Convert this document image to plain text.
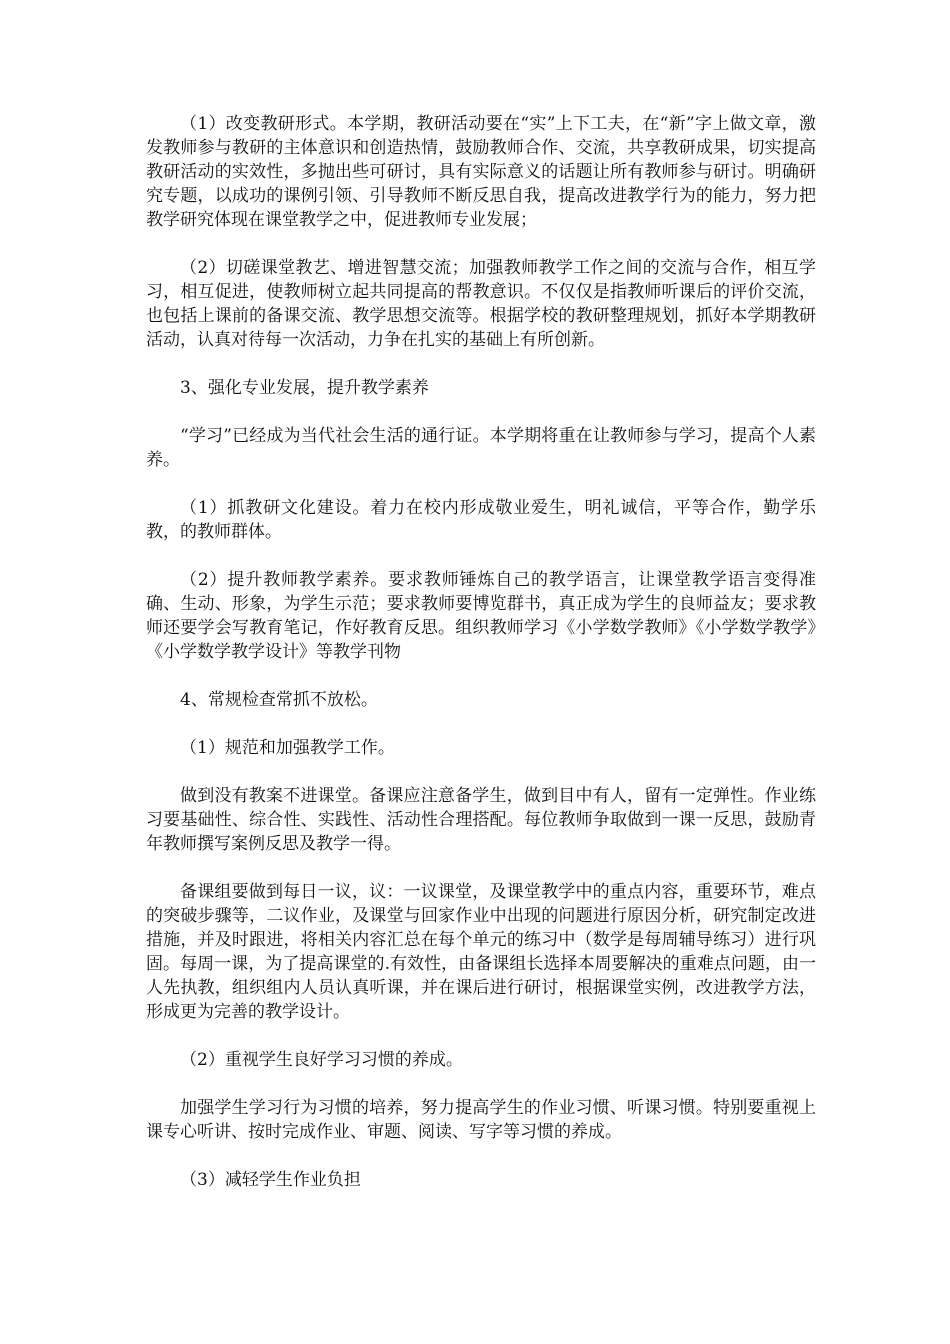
（1）改变教研形式。本学期，教研活动要在“实”上下工夫，在“新”字上做文章，激发教师参与教研的主体意识和创造热情，鼓励教师合作、交流，共享教研成果，切实提高教研活动的实效性，多抛出些可研讨，具有实际意义的话题让所有教师参与研讨。明确研究专题，以成功的课例引领、引导教师不断反思自我，提高改进教学行为的能力，努力把教学研究体现在课堂教学之中，促进教师专业发展；

（2）切磋课堂教艺、增进智慧交流；加强教师教学工作之间的交流与合作，相互学习，相互促进，使教师树立起共同提高的帮教意识。不仅仅是指教师听课后的评价交流，也包括上课前的备课交流、教学思想交流等。根据学校的教研整理规划，抓好本学期教研活动，认真对待每一次活动，力争在扎实的基础上有所创新。

3、强化专业发展，提升教学素养

“学习”已经成为当代社会生活的通行证。本学期将重在让教师参与学习，提高个人素养。

（1）抓教研文化建设。着力在校内形成敬业爱生，明礼诚信，平等合作，勤学乐教，的教师群体。

（2）提升教师教学素养。要求教师锤炼自己的教学语言，让课堂教学语言变得准确、生动、形象，为学生示范；要求教师要博览群书，真正成为学生的良师益友；要求教师还要学会写教育笔记，作好教育反思。组织教师学习《小学数学教师》《小学数学教学》《小学数学教学设计》等教学刊物

4、常规检查常抓不放松。

（1）规范和加强教学工作。

做到没有教案不进课堂。备课应注意备学生，做到目中有人，留有一定弹性。作业练习要基础性、综合性、实践性、活动性合理搭配。每位教师争取做到一课一反思，鼓励青年教师撰写案例反思及教学一得。

备课组要做到每日一议，议：一议课堂，及课堂教学中的重点内容，重要环节，难点的突破步骤等，二议作业，及课堂与回家作业中出现的问题进行原因分析，研究制定改进措施，并及时跟进，将相关内容汇总在每个单元的练习中（数学是每周辅导练习）进行巩固。每周一课，为了提高课堂的.有效性，由备课组长选择本周要解决的重难点问题，由一人先执教，组织组内人员认真听课，并在课后进行研讨，根据课堂实例，改进教学方法，形成更为完善的教学设计。

（2）重视学生良好学习习惯的养成。

加强学生学习行为习惯的培养，努力提高学生的作业习惯、听课习惯。特别要重视上课专心听讲、按时完成作业、审题、阅读、写字等习惯的养成。

（3）减轻学生作业负担
